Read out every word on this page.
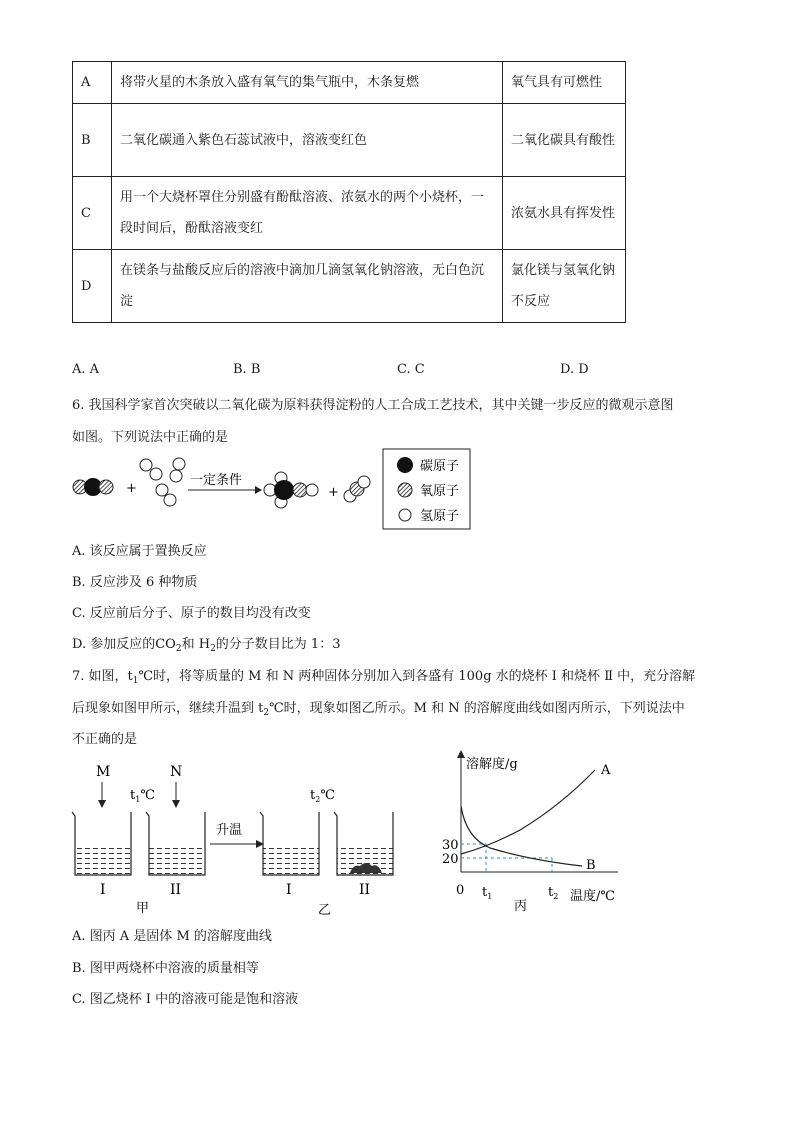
A	将带火星的木条放入盛有氧气的集气瓶中，木条复燃	氧气具有可燃性
B	二氧化碳通入紫色石蕊试液中，溶液变红色	二氧化碳具有酸性
C	用一个大烧杯罩住分别盛有酚酞溶液、浓氨水的两个小烧杯，一段时间后，酚酞溶液变红	浓氨水具有挥发性
D	在镁条与盐酸反应后的溶液中滴加几滴氢氧化钠溶液，无白色沉淀	氯化镁与氢氧化钠不反应
A. A	B. B	C. C	D. D
6. 我国科学家首次突破以二氧化碳为原料获得淀粉的人工合成工艺技术，其中关键一步反应的微观示意图
如图。下列说法中正确的是
+
一定条件
+
碳原子
氧原子
氢原子
A. 该反应属于置换反应
B. 反应涉及 6 种物质
C. 反应前后分子、原子的数目均没有改变
D. 参加反应的$CO_2$和 $H_2$的分子数目比为 1：3
7. 如图，$t_1℃$时，将等质量的 M 和 N 两种固体分别加入到各盛有 100g 水的烧杯 I 和烧杯 Ⅱ 中，充分溶解
后现象如图甲所示，继续升温到 $t_2℃$时，现象如图乙所示。M 和 N 的溶解度曲线如图丙所示，下列说法中
不正确的是
M	N
$t_1℃$	$t_2℃$
升温
I	II	I	II
甲	乙
溶解度/g
温度/℃
0
30
20
A
B
$t_1$	$t_2$
丙
A. 图丙 A 是固体 M 的溶解度曲线
B. 图甲两烧杯中溶液的质量相等
C. 图乙烧杯 I 中的溶液可能是饱和溶液
